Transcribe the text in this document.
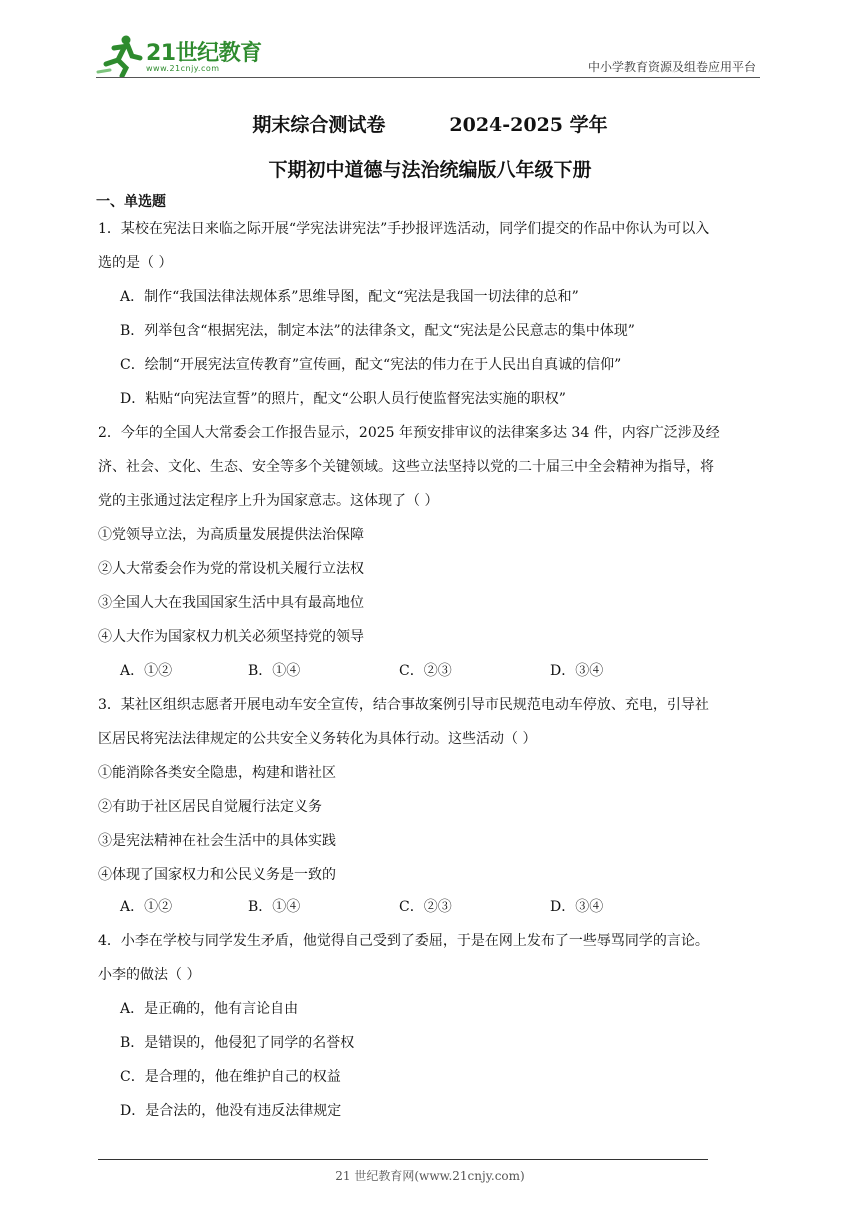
21世纪教育
www.21cnjy.com	中小学教育资源及组卷应用平台
期末综合测试卷	2024-2025 学年
下期初中道德与法治统编版八年级下册
一、单选题
1．某校在宪法日来临之际开展“学宪法讲宪法”手抄报评选活动，同学们提交的作品中你认为可以入
选的是（ ）
A．制作“我国法律法规体系”思维导图，配文“宪法是我国一切法律的总和”
B．列举包含“根据宪法，制定本法”的法律条文，配文“宪法是公民意志的集中体现”
C．绘制“开展宪法宣传教育”宣传画，配文“宪法的伟力在于人民出自真诚的信仰”
D．粘贴“向宪法宣誓”的照片，配文“公职人员行使监督宪法实施的职权”
2．今年的全国人大常委会工作报告显示，2025 年预安排审议的法律案多达 34 件，内容广泛涉及经
济、社会、文化、生态、安全等多个关键领域。这些立法坚持以党的二十届三中全会精神为指导，将
党的主张通过法定程序上升为国家意志。这体现了（ ）
①党领导立法，为高质量发展提供法治保障
②人大常委会作为党的常设机关履行立法权
③全国人大在我国国家生活中具有最高地位
④人大作为国家权力机关必须坚持党的领导
A．①②	B．①④	C．②③	D．③④
3．某社区组织志愿者开展电动车安全宣传，结合事故案例引导市民规范电动车停放、充电，引导社
区居民将宪法法律规定的公共安全义务转化为具体行动。这些活动（ ）
①能消除各类安全隐患，构建和谐社区
②有助于社区居民自觉履行法定义务
③是宪法精神在社会生活中的具体实践
④体现了国家权力和公民义务是一致的
A．①②	B．①④	C．②③	D．③④
4．小李在学校与同学发生矛盾，他觉得自己受到了委屈，于是在网上发布了一些辱骂同学的言论。
小李的做法（ ）
A．是正确的，他有言论自由
B．是错误的，他侵犯了同学的名誉权
C．是合理的，他在维护自己的权益
D．是合法的，他没有违反法律规定
21 世纪教育网(www.21cnjy.com)
